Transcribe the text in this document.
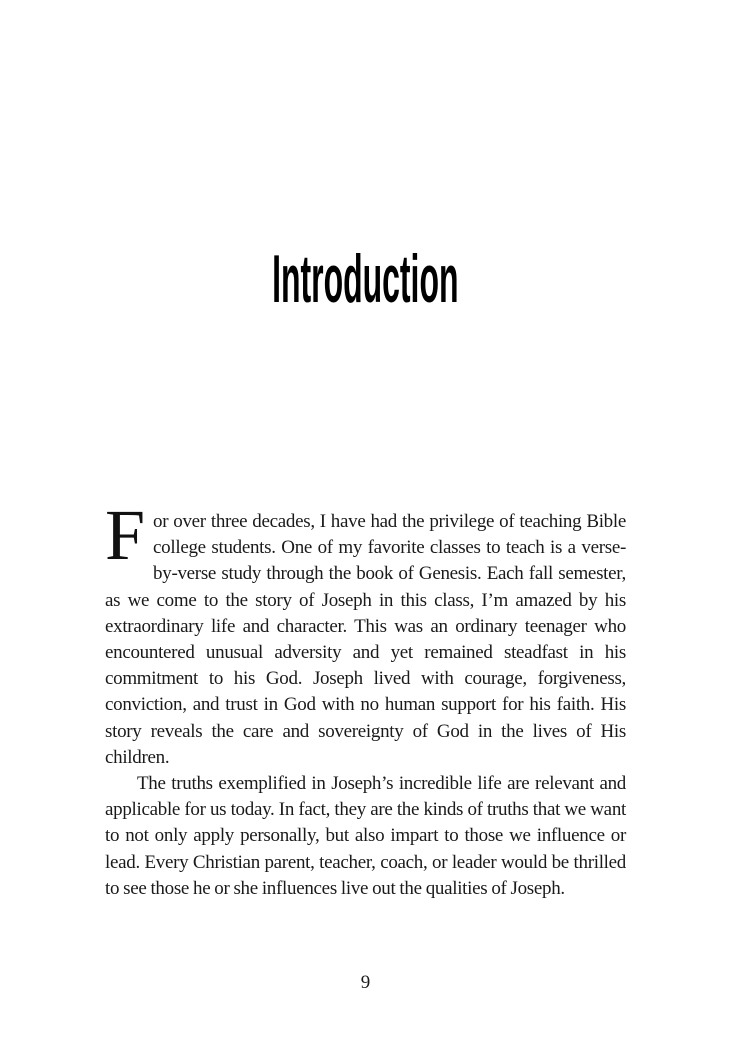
Introduction

For over three decades, I have had the privilege of teaching Bible college students. One of my favorite classes to teach is a verse-by-verse study through the book of Genesis. Each fall semester, as we come to the story of Joseph in this class, I’m amazed by his extraordinary life and character. This was an ordinary teenager who encountered unusual adversity and yet remained steadfast in his commitment to his God. Joseph lived with courage, forgiveness, conviction, and trust in God with no human support for his faith. His story reveals the care and sovereignty of God in the lives of His children.

The truths exemplified in Joseph’s incredible life are relevant and applicable for us today. In fact, they are the kinds of truths that we want to not only apply personally, but also impart to those we influence or lead. Every Christian parent, teacher, coach, or leader would be thrilled to see those he or she influences live out the qualities of Joseph.

9
